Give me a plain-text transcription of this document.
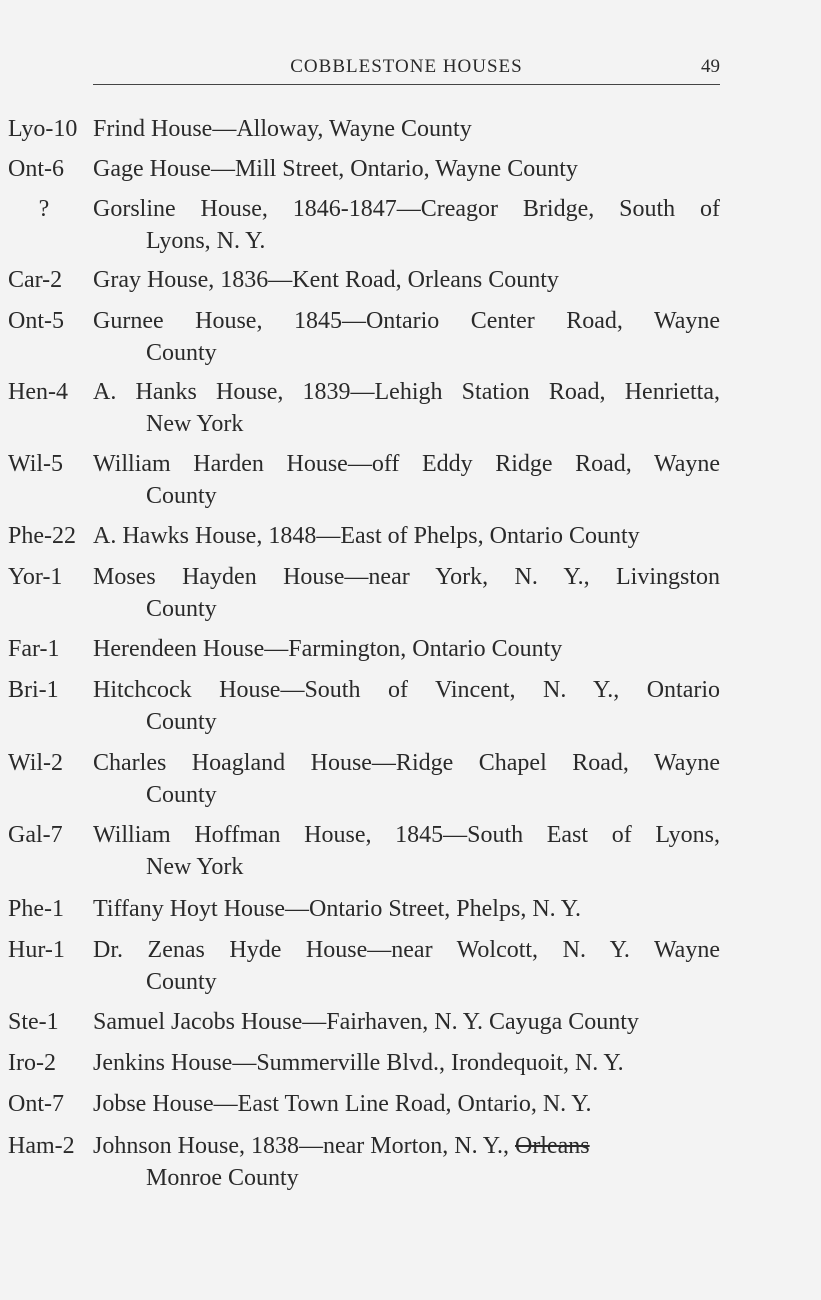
COBBLESTONE HOUSES	49
Lyo-10 Frind House—Alloway, Wayne County
Ont-6	Gage House—Mill Street, Ontario, Wayne County
?	Gorsline House, 1846-1847—Creagor Bridge, South of
Lyons, N. Y.
Car-2	Gray House, 1836—Kent Road, Orleans County
Ont-5	Gurnee House, 1845—Ontario Center Road, Wayne
County
Hen-4	A. Hanks House, 1839—Lehigh Station Road, Henrietta,
New York
Wil-5	William Harden House—off Eddy Ridge Road, Wayne
County
Phe-22 A. Hawks House, 1848—East of Phelps, Ontario County
Yor-1	Moses Hayden House—near York, N. Y., Livingston
County
Far-1	Herendeen House—Farmington, Ontario County
Bri-1	Hitchcock House—South of Vincent, N. Y., Ontario
County
Wil-2	Charles Hoagland House—Ridge Chapel Road, Wayne
County
Gal-7	William Hoffman House, 1845—South East of Lyons,
New York
Phe-1	Tiffany Hoyt House—Ontario Street, Phelps, N. Y.
Hur-1	Dr. Zenas Hyde House—near Wolcott, N. Y. Wayne
County
Ste-1	Samuel Jacobs House—Fairhaven, N. Y. Cayuga County
Iro-2	Jenkins House—Summerville Blvd., Irondequoit, N. Y.
Ont-7	Jobse House—East Town Line Road, Ontario, N. Y.
Ham-2 Johnson House, 1838—near Morton, N. Y., Orleans
Monroe County
